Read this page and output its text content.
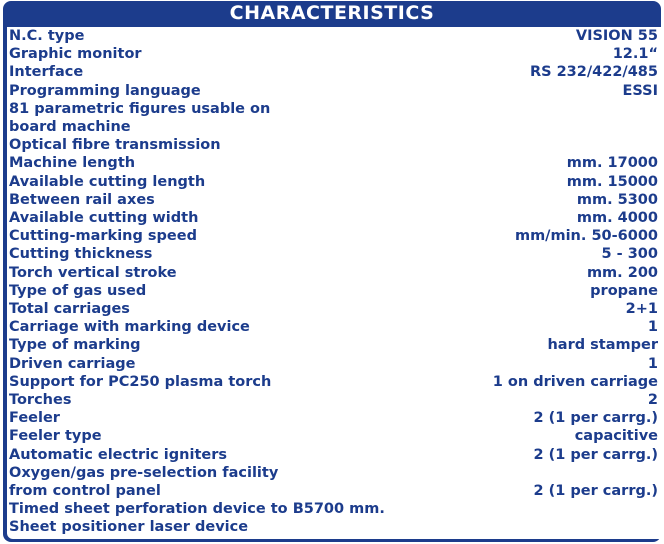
CHARACTERISTICS
N.C. type	VISION 55
Graphic monitor	12.1“
Interface	RS 232/422/485
Programming language	ESSI
81 parametric figures usable on
board machine
Optical fibre transmission
Machine length	mm. 17000
Available cutting length	mm. 15000
Between rail axes	mm. 5300
Available cutting width	mm. 4000
Cutting-marking speed	mm/min. 50-6000
Cutting thickness	5 - 300
Torch vertical stroke	mm. 200
Type of gas used	propane
Total carriages	2+1
Carriage with marking device	1
Type of marking	hard stamper
Driven carriage	1
Support for PC250 plasma torch	1 on driven carriage
Torches	2
Feeler	2 (1 per carrg.)
Feeler type	capacitive
Automatic electric igniters	2 (1 per carrg.)
Oxygen/gas pre-selection facility
from control panel	2 (1 per carrg.)
Timed sheet perforation device to B5700 mm.
Sheet positioner laser device
